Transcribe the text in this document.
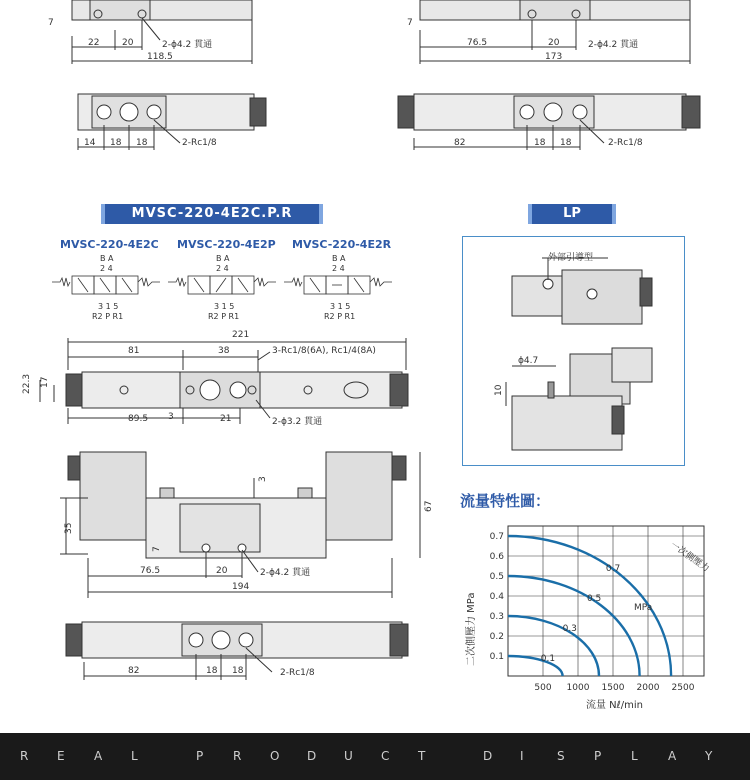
7
22	20	2-ϕ4.2 貫通
118.5
14 18 18	2-Rc1/8
7
76.5	20	2-ϕ4.2 貫通
173
82	18 18	2-Rc1/8
MVSC-220-4E2C.P.R	LP
MVSC-220-4E2C MVSC-220-4E2P MVSC-220-4E2R
B A
2 4
B A
2 4
B A
2 4
3 1 5
R2 P R1
3 1 5
R2 P R1
3 1 5
R2 P R1
221
81	38	3-Rc1/8(6A), Rc1/4(8A)
22.3 17
3
89.5	21	2-ϕ3.2 貫通
3
67
35
7
76.5	20	2-ϕ4.2 貫通
194
82	18 18	2-Rc1/8
外部引導型
ϕ4.7
10
流量特性圖：
0.1
0.2
0.3
0.4
0.5
0.6
0.7
500 1000 1500 2000 2500
0.1
0.3
0.5
0.7	一次側壓力
MPa
流量 Nℓ/min
二次側壓力 MPa
R E A L	P R O D U C T	D I	S P L	A Y
